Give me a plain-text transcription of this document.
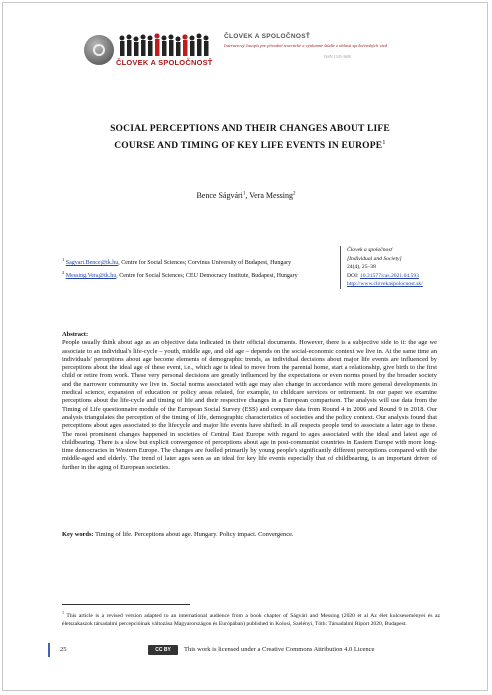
ČLOVEK A SPOLOČNOSŤ
ČLOVEK A SPOLOČNOSŤ
Internetový časopis pre pôvodné teoretické a výskumné štúdie z oblasti spoločenských vied
ISSN 1335-3608
SOCIAL PERCEPTIONS AND THEIR CHANGES ABOUT LIFE COURSE AND TIMING OF KEY LIFE EVENTS IN EUROPE$^1$
Bence Ságvári$^1$, Vera Messing$^2$
$^1$ Sagvari.Bence@tk.hu, Centre for Social Sciences; Corvinus University of Budapest, Hungary
$^2$ Messing.Vera@tk.hu, Centre for Social Sciences; CEU Democracy Institute, Budapest, Hungary
Človek a spoločnosť
[Individual and Society]
24(4), 25–38
DOI: 10.31577/cas.2021.04.593
http://www.clovekaspolocnost.sk/
Abstract:
People usually think about age as an objective data indicated in their official documents. However, there is a subjective side to it: the age we associate to an individual's life-cycle – youth, middle age, and old age – depends on the social-economic context we live in. At the same time an individuals' perceptions about age become elements of demographic trends, as individual decisions about major life events are influenced by perceptions about the ideal age of these event, i.e., which age is ideal to move from the parental home, start a relationship, give birth to the first child or retire from work. These very personal decisions are greatly influenced by the expectations or even norms posed by the broader society and the narrower community we live in. Social norms associated with age may also change in accordance with more general developments in medical science, expansion of education or policy areas related, for example, to childcare services or retirement. In our paper we examine perceptions about the life-cycle and timing of life and their respective changes in a European comparison. The analysis will use data from the Timing of Life questionnaire module of the European Social Survey (ESS) and compare data from Round 4 in 2006 and Round 9 in 2018. Our analysis triangulates the perception of the timing of life, demographic characteristics of societies and the policy context. Our analysis found that perceptions about ages associated to the lifecycle and major life events have shifted: in all respects people tend to associate a later age to these. The most prominent changes happened in societies of Central East Europe with regard to ages associated with the ideal and latest age of childbearing. There is a slow but explicit convergence of perceptions about age in post-communist countries in Eastern Europe with more long-time democracies in Western Europe. The changes are fuelled primarily by young people's significantly different perceptions compared with the middle-aged and elderly. The trend of later ages seen as an ideal for key life events especially that of childbearing, is an important driver of further in the aging of European societies.
Key words: Timing of life. Perceptions about age. Hungary. Policy impact. Convergence.
$^1$ This article is a revised version adapted to an international audience from a book chapter of Ságvári and Messing (2020 et al Az élet kulcseseményei és az életszakaszok társadalmi percepcióinak változása Magyarországon és Európában) published in Kolosi, Szelényi, Tóth: Társadalmi Riport 2020, Budapest.
25	CC BY This work is licensed under a Creative Commons Attribution 4.0 Licence
